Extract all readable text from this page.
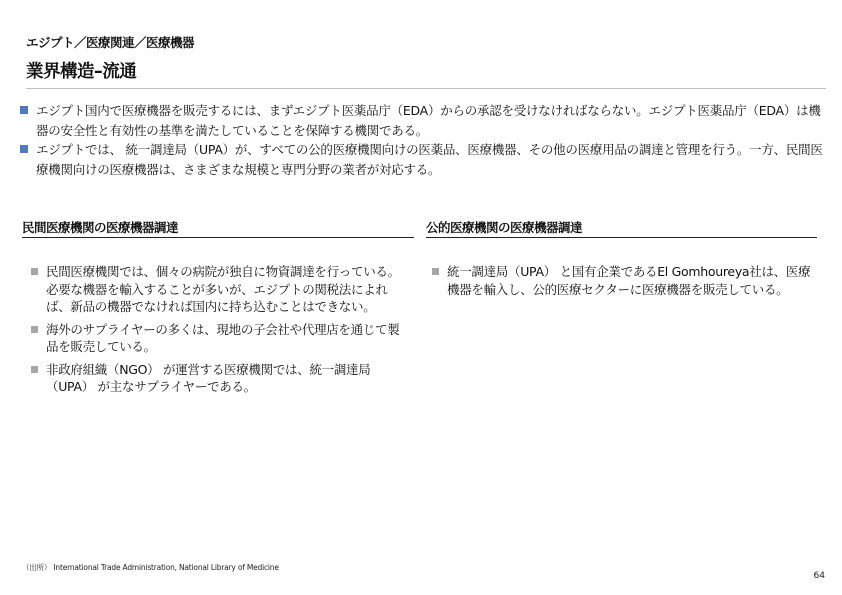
エジプト／医療関連／医療機器
業界構造–流通
エジプト国内で医療機器を販売するには、まずエジプト医薬品庁（EDA）からの承認を受けなければならない。エジプト医薬品庁（EDA）は機器の安全性と有効性の基準を満たしていることを保障する機関である。
エジプトでは、 統一調達局（UPA）が、すべての公的医療機関向けの医薬品、医療機器、その他の医療用品の調達と管理を行う。一方、民間医療機関向けの医療機器は、さまざまな規模と専門分野の業者が対応する。
民間医療機関の医療機器調達	公的医療機関の医療機器調達
民間医療機関では、個々の病院が独自に物資調達を行っている。必要な機器を輸入することが多いが、エジプトの関税法によれば、新品の機器でなければ国内に持ち込むことはできない。
海外のサプライヤーの多くは、現地の子会社や代理店を通じて製品を販売している。
非政府組織（NGO） が運営する医療機関では、統一調達局（UPA） が主なサプライヤーである。
統一調達局（UPA） と国有企業であるEl Gomhoureya社は、医療機器を輸入し、公的医療セクターに医療機器を販売している。
（出所） International Trade Administration, National Library of Medicine
64
